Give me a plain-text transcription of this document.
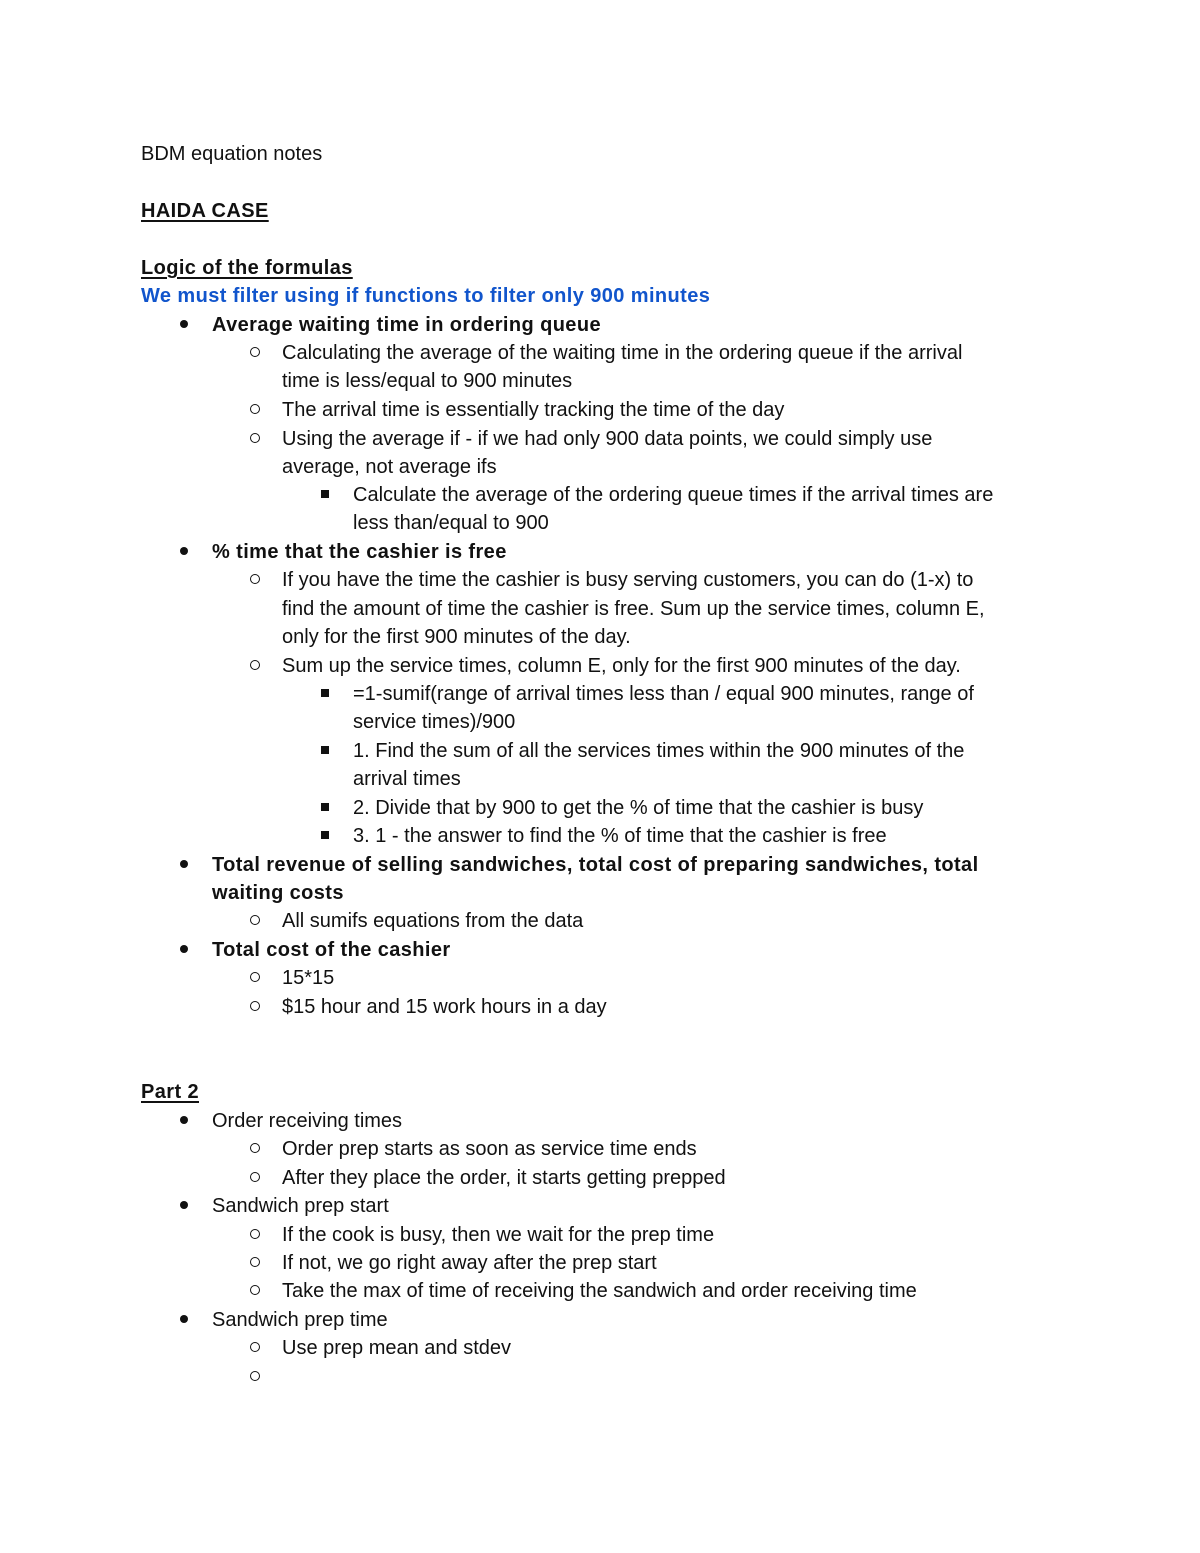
BDM equation notes
HAIDA CASE
Logic of the formulas
We must filter using if functions to filter only 900 minutes
Average waiting time in ordering queue
Calculating the average of the waiting time in the ordering queue if the arrival
time is less/equal to 900 minutes
The arrival time is essentially tracking the time of the day
Using the average if - if we had only 900 data points, we could simply use
average, not average ifs
Calculate the average of the ordering queue times if the arrival times are
less than/equal to 900
% time that the cashier is free
If you have the time the cashier is busy serving customers, you can do (1-x) to
find the amount of time the cashier is free. Sum up the service times, column E,
only for the first 900 minutes of the day.
Sum up the service times, column E, only for the first 900 minutes of the day.
=1-sumif(range of arrival times less than / equal 900 minutes, range of
service times)/900
1. Find the sum of all the services times within the 900 minutes of the
arrival times
2. Divide that by 900 to get the % of time that the cashier is busy
3. 1 - the answer to find the % of time that the cashier is free
Total revenue of selling sandwiches, total cost of preparing sandwiches, total
waiting costs
All sumifs equations from the data
Total cost of the cashier
15*15
$15 hour and 15 work hours in a day
Part 2
Order receiving times
Order prep starts as soon as service time ends
After they place the order, it starts getting prepped
Sandwich prep start
If the cook is busy, then we wait for the prep time
If not, we go right away after the prep start
Take the max of time of receiving the sandwich and order receiving time
Sandwich prep time
Use prep mean and stdev
